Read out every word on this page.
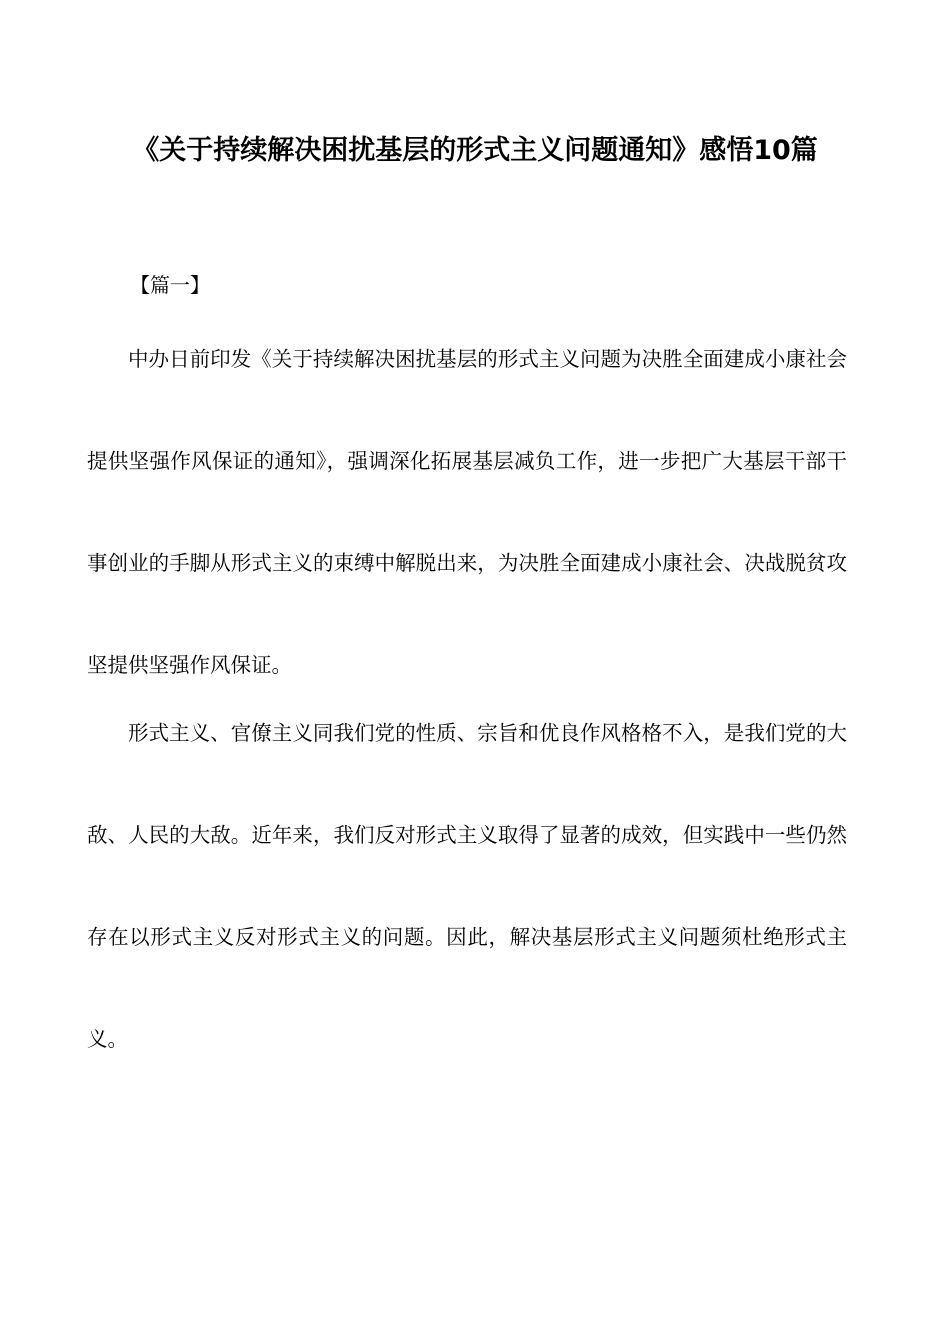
《关于持续解决困扰基层的形式主义问题通知》感悟10篇

【篇一】

中办日前印发《关于持续解决困扰基层的形式主义问题为决胜全面建成小康社会提供坚强作风保证的通知》，强调深化拓展基层减负工作，进一步把广大基层干部干事创业的手脚从形式主义的束缚中解脱出来，为决胜全面建成小康社会、决战脱贫攻坚提供坚强作风保证。

形式主义、官僚主义同我们党的性质、宗旨和优良作风格格不入，是我们党的大敌、人民的大敌。近年来，我们反对形式主义取得了显著的成效，但实践中一些仍然存在以形式主义反对形式主义的问题。因此，解决基层形式主义问题须杜绝形式主义。
